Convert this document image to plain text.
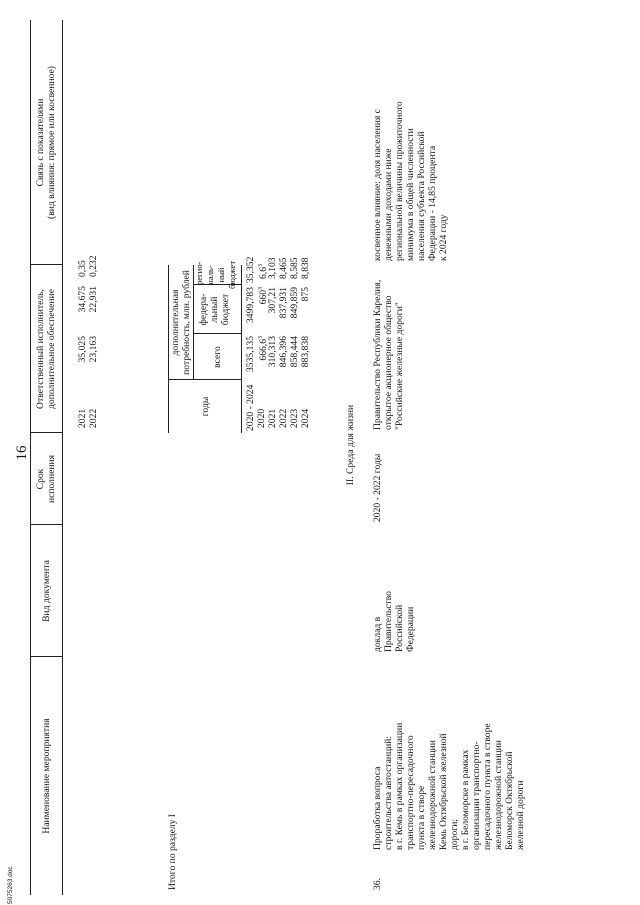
16
Наименование мероприятия
Вид документа
Срок исполнения
Ответственный исполнитель, дополнительное обеспечение
Связь с показателями (вид влияния: прямое или косвенное)
2021
35,025
34,675
0,35
2022
23,163
22,931
0,232
Итого по разделу I
годы
дополнительная потребность, млн. рублей всего
федера- льный бюджет
регио- наль- ный бюджет
2020 - 2024
3535,135
3499,783
35,352
2020
666,6$^3$
$660^3$
$6,6^3$
2021
310,313
307,21
3,103
2022
846,396
837,931
8,465
2023
858,444
849,859
8,585
2024
883,838
875
8,838
II. Среда для жизни
36.
Проработка вопроса строительства автостанций: в г. Кемь в рамках организации транспортно-пересадочного пункта в створе железнодорожной станции Кемь Октябрьской железной дороги; в г. Беломорске в рамках организации транспортно- пересадочного пункта в створе железнодорожной станции Беломорск Октябрьской железной дороги
доклад в Правительство Российской Федерации
2020 - 2022 годы
Правительство Республики Карелия, открытое акционерное общество "Российские железные дороги"
косвенное влияние: доля населения с денежными доходами ниже региональной величины прожиточного минимума в общей численности населения субъекта Российской Федерации - 14,85 процента к 2024 году
5075263.doc
